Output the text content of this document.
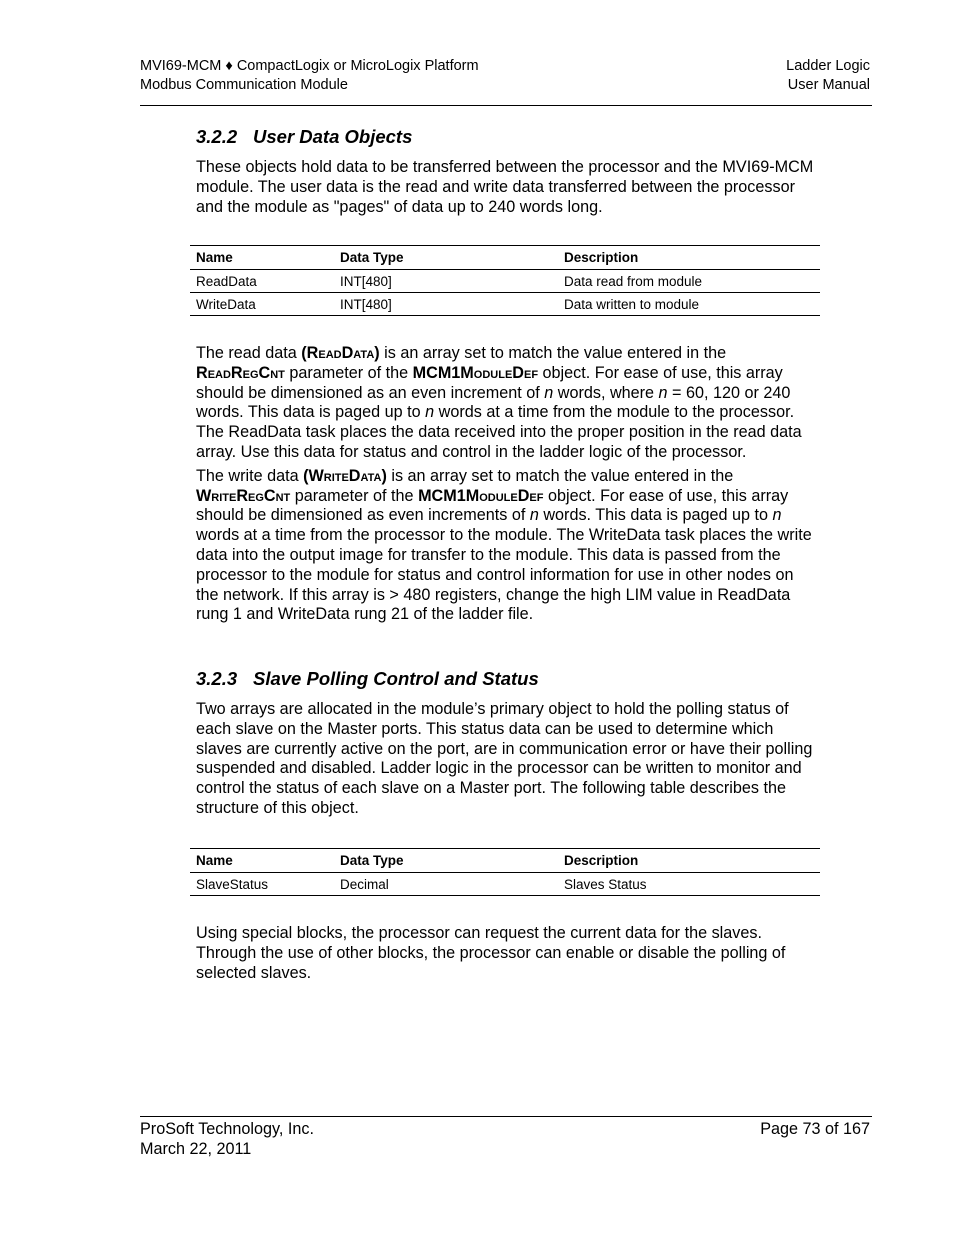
MVI69-MCM ♦ CompactLogix or MicroLogix Platform
Modbus Communication Module
Ladder Logic
User Manual
3.2.2 User Data Objects

These objects hold data to be transferred between the processor and the MVI69-MCM module. The user data is the read and write data transferred between the processor and the module as "pages" of data up to 240 words long.

Name	Data Type	Description
ReadData	INT[480]	Data read from module
WriteData	INT[480]	Data written to module

The read data (ReadData) is an array set to match the value entered in the ReadRegCnt parameter of the MCM1ModuleDef object. For ease of use, this array should be dimensioned as an even increment of n words, where n = 60, 120 or 240 words. This data is paged up to n words at a time from the module to the processor. The ReadData task places the data received into the proper position in the read data array. Use this data for status and control in the ladder logic of the processor.

The write data (WriteData) is an array set to match the value entered in the WriteRegCnt parameter of the MCM1ModuleDef object. For ease of use, this array should be dimensioned as even increments of n words. This data is paged up to n words at a time from the processor to the module. The WriteData task places the write data into the output image for transfer to the module. This data is passed from the processor to the module for status and control information for use in other nodes on the network. If this array is > 480 registers, change the high LIM value in ReadData rung 1 and WriteData rung 21 of the ladder file.

3.2.3 Slave Polling Control and Status

Two arrays are allocated in the module’s primary object to hold the polling status of each slave on the Master ports. This status data can be used to determine which slaves are currently active on the port, are in communication error or have their polling suspended and disabled. Ladder logic in the processor can be written to monitor and control the status of each slave on a Master port. The following table describes the structure of this object.

Name	Data Type	Description
SlaveStatus	Decimal	Slaves Status

Using special blocks, the processor can request the current data for the slaves. Through the use of other blocks, the processor can enable or disable the polling of selected slaves.

ProSoft Technology, Inc.
March 22, 2011
Page 73 of 167
